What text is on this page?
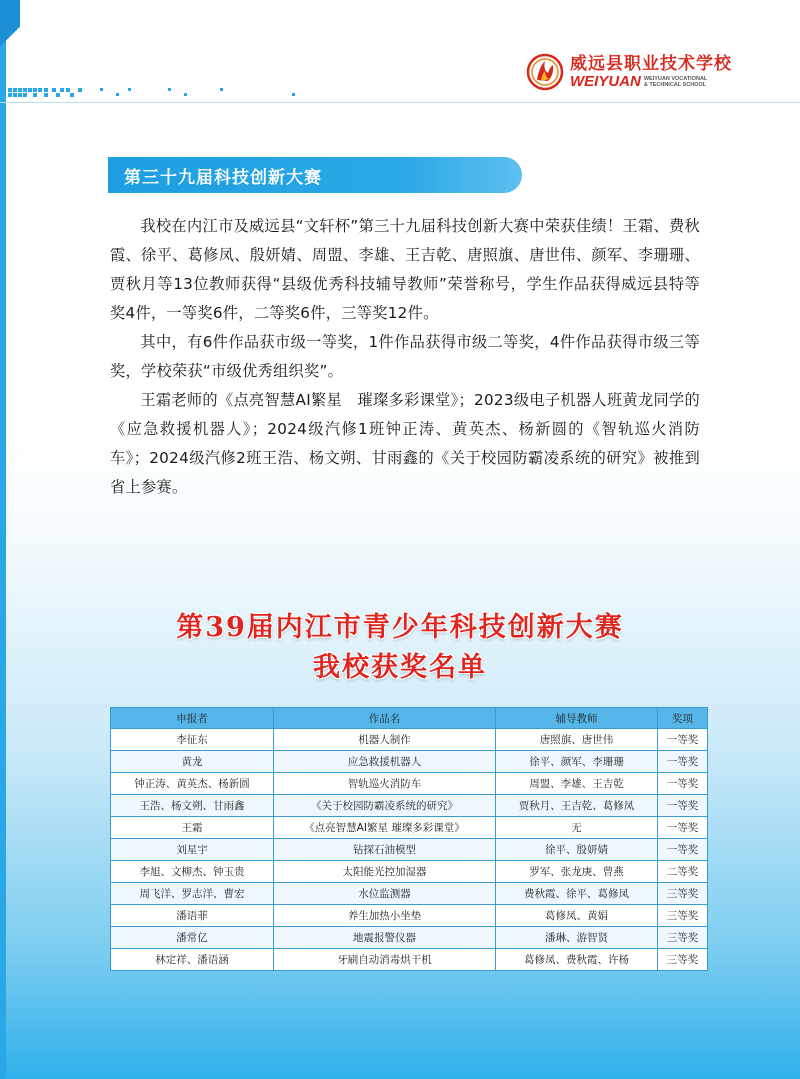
威远县职业技术学校
WEIYUAN WEIYUAN VOCATIONAL
& TECHNICAL SCHOOL
第三十九届科技创新大赛

我校在内江市及威远县“文轩杯”第三十九届科技创新大赛中荣获佳绩！王霜、费秋霞、徐平、葛修凤、殷妍婧、周盟、李雄、王吉乾、唐照旗、唐世伟、颜军、李珊珊、贾秋月等13位教师获得“县级优秀科技辅导教师”荣誉称号，学生作品获得威远县特等奖4件，一等奖6件，二等奖6件，三等奖12件。

其中，有6件作品获市级一等奖，1件作品获得市级二等奖，4件作品获得市级三等奖，学校荣获“市级优秀组织奖”。

王霜老师的《点亮智慧AI繁星　璀璨多彩课堂》；2023级电子机器人班黄龙同学的《应急救援机器人》；2024级汽修1班钟正涛、黄英杰、杨新圆的《智轨巡火消防车》；2024级汽修2班王浩、杨文朔、甘雨鑫的《关于校园防霸凌系统的研究》被推到省上参赛。

第39届内江市青少年科技创新大赛
我校获奖名单
申报者	作品名	辅导教师	奖项
李征东	机器人制作	唐照旗、唐世伟	一等奖
黄龙	应急救援机器人	徐平、颜军、李珊珊	一等奖
钟正涛、黄英杰、杨新圆	智轨巡火消防车	周盟、李雄、王吉乾	一等奖
王浩、杨文朔、甘雨鑫	《关于校园防霸凌系统的研究》	贾秋月、王吉乾、葛修凤	一等奖
王霜	《点亮智慧AI繁星 璀璨多彩课堂》	无	一等奖
刘星宇	钻探石油模型	徐平、殷妍婧	一等奖
李旭、文柳杰、钟玉贵	太阳能光控加湿器	罗军、张龙庚、曾燕	二等奖
周飞洋、罗志洋、曹宏	水位监测器	费秋霞、徐平、葛修凤	三等奖
潘语菲	养生加热小坐垫	葛修凤、黄娟	三等奖
潘常亿	地震报警仪器	潘琳、游智贤	三等奖
林定祥、潘语涵	牙刷自动消毒烘干机	葛修凤、费秋霞、许杨	三等奖
